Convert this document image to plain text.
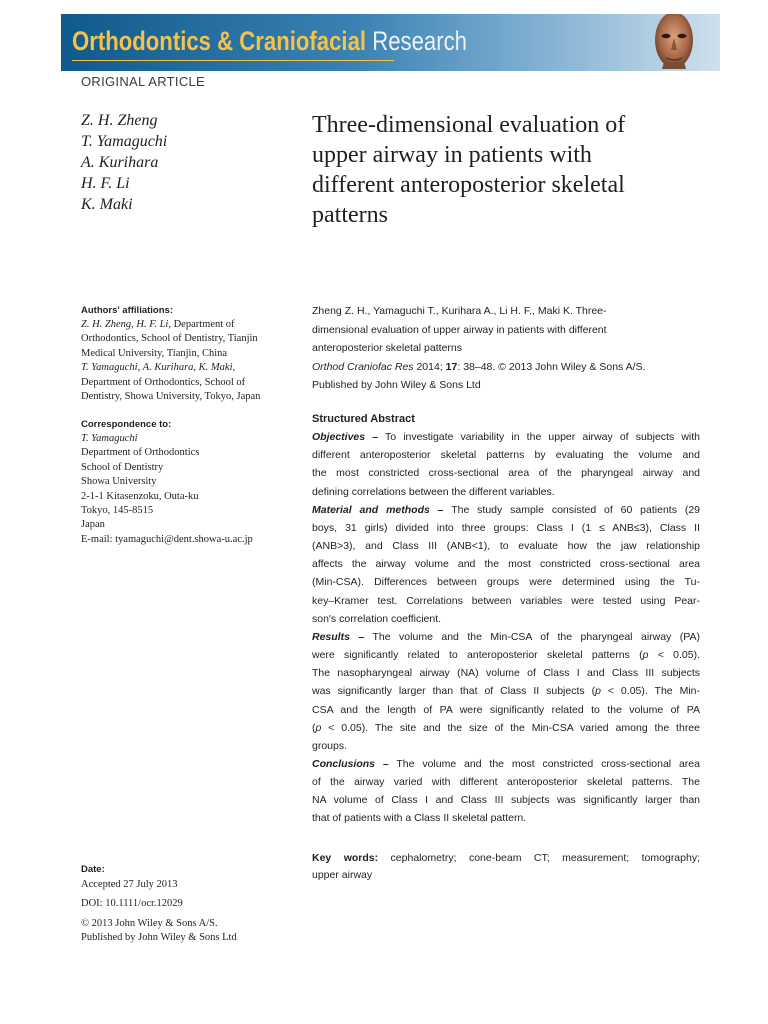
Orthodontics & Craniofacial Research
ORIGINAL ARTICLE
Z. H. Zheng
T. Yamaguchi
A. Kurihara
H. F. Li
K. Maki
Three-dimensional evaluation of
upper airway in patients with
different anteroposterior skeletal
patterns
Authors' affiliations:
Z. H. Zheng, H. F. Li, Department of
Orthodontics, School of Dentistry, Tianjin
Medical University, Tianjin, China
T. Yamaguchi, A. Kurihara, K. Maki,
Department of Orthodontics, School of
Dentistry, Showa University, Tokyo, Japan
Correspondence to:
T. Yamaguchi
Department of Orthodontics
School of Dentistry
Showa University
2-1-1 Kitasenzoku, Outa-ku
Tokyo, 145-8515
Japan
E-mail: tyamaguchi@dent.showa-u.ac.jp
Date:
Accepted 27 July 2013
DOI: 10.1111/ocr.12029
© 2013 John Wiley & Sons A/S.
Published by John Wiley & Sons Ltd
Zheng Z. H., Yamaguchi T., Kurihara A., Li H. F., Maki K. Three-
dimensional evaluation of upper airway in patients with different
anteroposterior skeletal patterns
Orthod Craniofac Res 2014; 17: 38–48. © 2013 John Wiley & Sons A/S.
Published by John Wiley & Sons Ltd
Structured Abstract
Objectives – To investigate variability in the upper airway of subjects with
different anteroposterior skeletal patterns by evaluating the volume and
the most constricted cross-sectional area of the pharyngeal airway and
defining correlations between the different variables.
Material and methods – The study sample consisted of 60 patients (29
boys, 31 girls) divided into three groups: Class I (1 ≤ ANB≤3), Class II
(ANB>3), and Class III (ANB<1), to evaluate how the jaw relationship
affects the airway volume and the most constricted cross-sectional area
(Min-CSA). Differences between groups were determined using the Tu-
key–Kramer test. Correlations between variables were tested using Pear-
son's correlation coefficient.
Results – The volume and the Min-CSA of the pharyngeal airway (PA)
were significantly related to anteroposterior skeletal patterns (p < 0.05).
The nasopharyngeal airway (NA) volume of Class I and Class III subjects
was significantly larger than that of Class II subjects (p < 0.05). The Min-
CSA and the length of PA were significantly related to the volume of PA
(p < 0.05). The site and the size of the Min-CSA varied among the three
groups.
Conclusions – The volume and the most constricted cross-sectional area
of the airway varied with different anteroposterior skeletal patterns. The
NA volume of Class I and Class III subjects was significantly larger than
that of patients with a Class II skeletal pattern.
Key words: cephalometry; cone-beam CT; measurement; tomography;
upper airway
